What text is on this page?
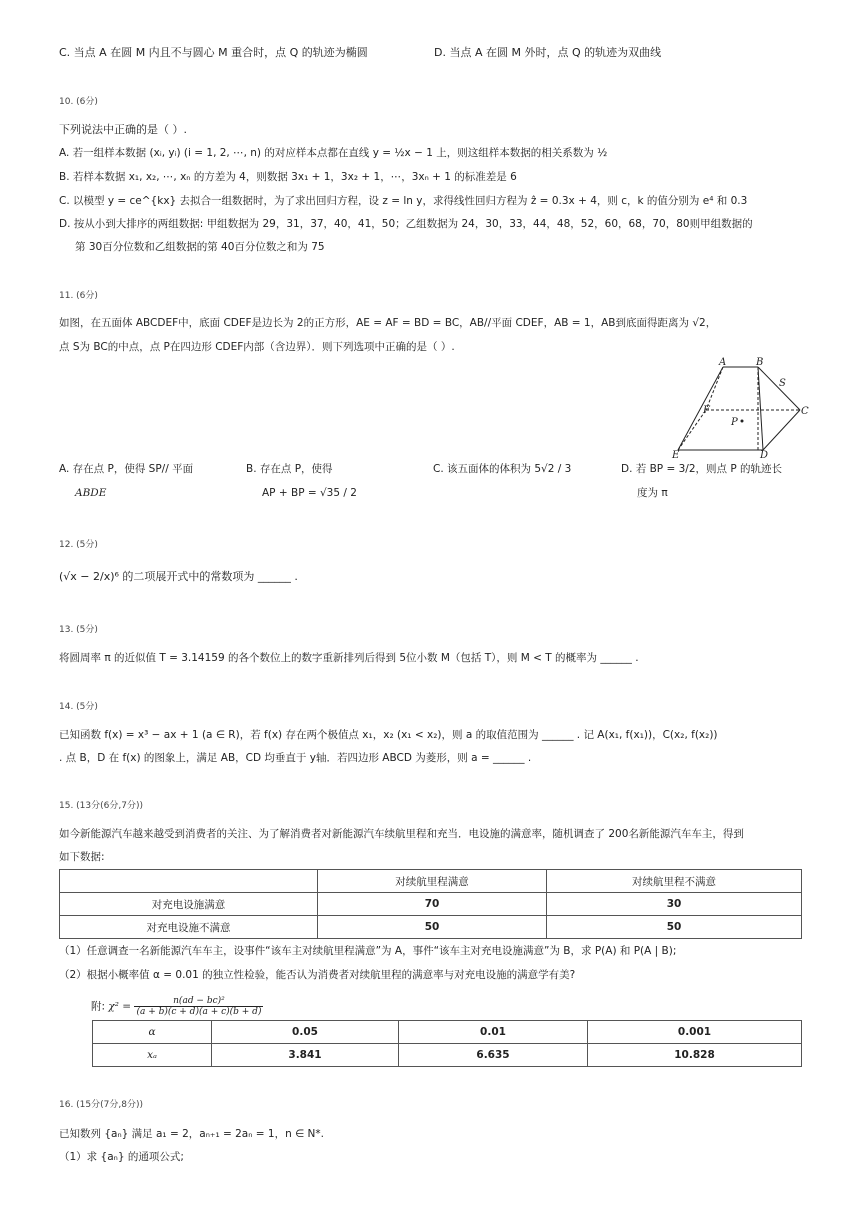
C. 当点 A 在圆 M 内且不与圆心 M 重合时，点 Q 的轨迹为椭圆	D. 当点 A 在圆 M 外时，点 Q 的轨迹为双曲线
10. (6分)
下列说法中正确的是（ ）.
A. 若一组样本数据 (xᵢ, yᵢ) (i = 1, 2, ⋯, n) 的对应样本点都在直线 y = ½x − 1 上，则这组样本数据的相关系数为 ½
B. 若样本数据 x₁, x₂, ⋯, xₙ 的方差为 4，则数据 3x₁ + 1，3x₂ + 1，⋯，3xₙ + 1 的标准差是 6
C. 以模型 y = ce^{kx} 去拟合一组数据时，为了求出回归方程，设 z = ln y，求得线性回归方程为 ẑ = 0.3x + 4，则 c，k 的值分别为 e⁴ 和 0.3
D. 按从小到大排序的两组数据: 甲组数据为 29，31，37，40，41，50；乙组数据为 24，30，33，44，48，52，60，68，70，80则甲组数据的
第 30百分位数和乙组数据的第 40百分位数之和为 75
11. (6分)
如图，在五面体 ABCDEF中，底面 CDEF是边长为 2的正方形，AE = AF = BD = BC，AB//平面 CDEF，AB = 1，AB到底面得距离为 √2，
点 S为 BC的中点，点 P在四边形 CDEF内部（含边界）．则下列选项中正确的是（ ）.
A	B
S
F	C
P
E	D
A. 存在点 P，使得 SP// 平面
ABDE
B. 存在点 P，使得
AP + BP = √35 / 2
C. 该五面体的体积为 5√2 / 3	D. 若 BP = 3/2，则点 P 的轨迹长
度为 π
12. (5分)
(√x − 2/x)⁶ 的二项展开式中的常数项为 ______ .
13. (5分)
将圆周率 π 的近似值 T = 3.14159 的各个数位上的数字重新排列后得到 5位小数 M（包括 T），则 M < T 的概率为 ______ .
14. (5分)
已知函数 f(x) = x³ − ax + 1 (a ∈ R)，若 f(x) 存在两个极值点 x₁，x₂ (x₁ < x₂)，则 a 的取值范围为 ______ . 记 A(x₁, f(x₁))，C(x₂, f(x₂))
. 点 B，D 在 f(x) 的图象上，满足 AB，CD 均垂直于 y轴．若四边形 ABCD 为菱形，则 a = ______ .
15. (13分(6分,7分))
如今新能源汽车越来越受到消费者的关注、为了解消费者对新能源汽车续航里程和充当．电设施的满意率，随机调查了 200名新能源汽车车主，得到
如下数据:
	对续航里程满意	对续航里程不满意
对充电设施满意	70	30
对充电设施不满意	50	50
（1）任意调查一名新能源汽车车主，设事件“该车主对续航里程满意”为 A，事件“该车主对充电设施满意”为 B，求 P(A) 和 P(A | B);
（2）根据小概率值 α = 0.01 的独立性检验，能否认为消费者对续航里程的满意率与对充电设施的满意学有美?
附: $\chi^2 = \frac{\text{n(ad − bc)²}}{(a + b)(c + d)(a + c)(b + d)}$
α	0.05	0.01	0.001
xₐ	3.841	6.635	10.828
16. (15分(7分,8分))
已知数列 {aₙ} 满足 a₁ = 2，aₙ₊₁ = 2aₙ = 1，n ∈ N*.
（1）求 {aₙ} 的通项公式;
